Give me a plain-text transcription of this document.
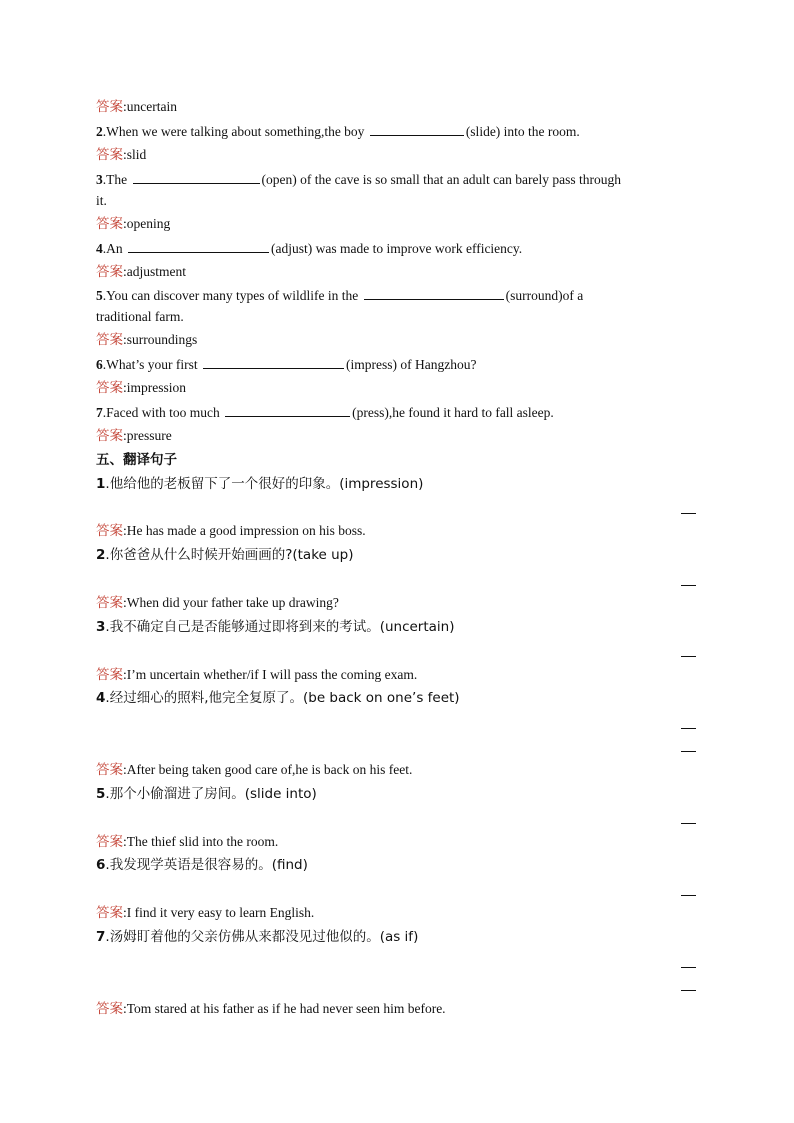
答案:uncertain
2.When we were talking about something,the boy	(slide) into the room.
答案:slid
3.The	(open) of the cave is so small that an adult can barely pass through
it.
答案:opening
4.An	(adjust) was made to improve work efficiency.
答案:adjustment
5.You can discover many types of wildlife in the	(surround)of a
traditional farm.
答案:surroundings
6.What’s your first	(impress) of Hangzhou?
答案:impression
7.Faced with too much	(press),he found it hard to fall asleep.
答案:pressure
五、翻译句子
1.他给他的老板留下了一个很好的印象。(impression)
答案:He has made a good impression on his boss.
2.你爸爸从什么时候开始画画的?(take up)
答案:When did your father take up drawing?
3.我不确定自己是否能够通过即将到来的考试。(uncertain)
答案:I’m uncertain whether/if I will pass the coming exam.
4.经过细心的照料,他完全复原了。(be back on one’s feet)
答案:After being taken good care of,he is back on his feet.
5.那个小偷溜进了房间。(slide into)
答案:The thief slid into the room.
6.我发现学英语是很容易的。(find)
答案:I find it very easy to learn English.
7.汤姆盯着他的父亲仿佛从来都没见过他似的。(as if)
答案:Tom stared at his father as if he had never seen him before.
